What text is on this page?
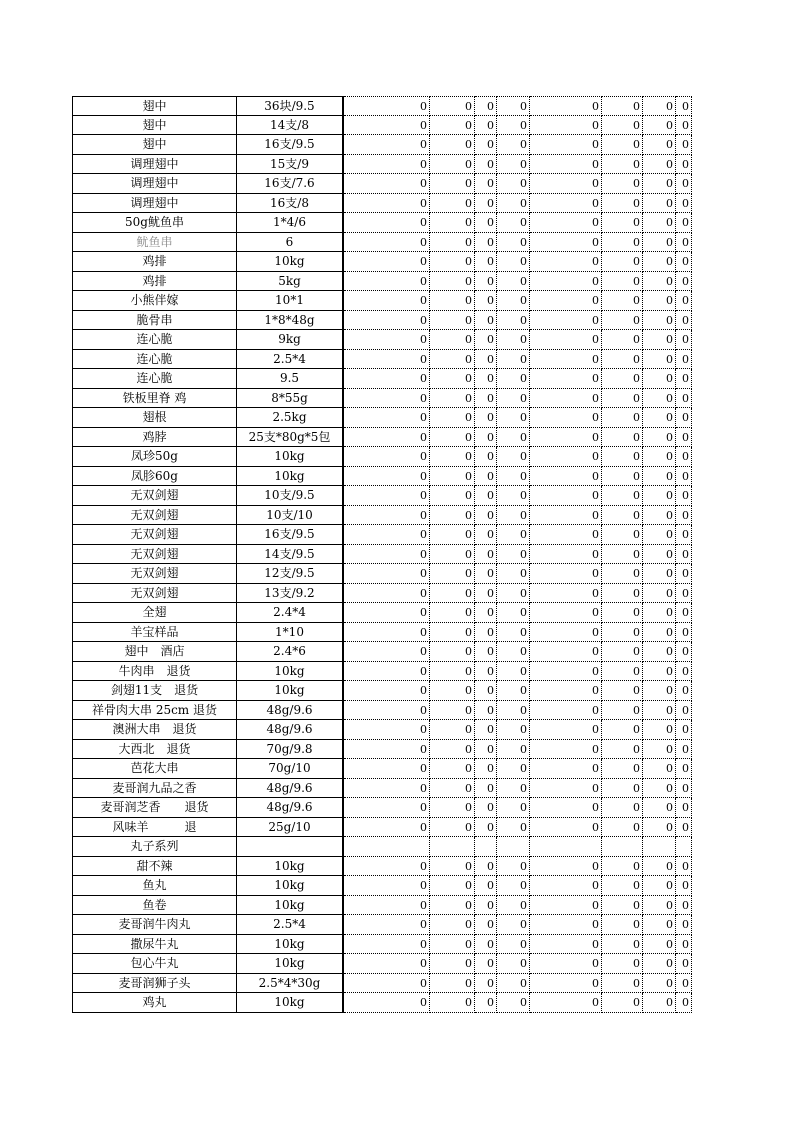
翅中	36块/9.5	0	0	0	0	0	0	0 0
翅中	14支/8	0	0	0	0	0	0	0 0
翅中	16支/9.5	0	0	0	0	0	0	0 0
调理翅中	15支/9	0	0	0	0	0	0	0 0
调理翅中	16支/7.6	0	0	0	0	0	0	0 0
调理翅中	16支/8	0	0	0	0	0	0	0 0
50g鱿鱼串	1*4/6	0	0	0	0	0	0	0 0
鱿鱼串	6	0	0	0	0	0	0	0 0
鸡排	10kg	0	0	0	0	0	0	0 0
鸡排	5kg	0	0	0	0	0	0	0 0
小熊伴嫁	10*1	0	0	0	0	0	0	0 0
脆骨串	1*8*48g	0	0	0	0	0	0	0 0
连心脆	9kg	0	0	0	0	0	0	0 0
连心脆	2.5*4	0	0	0	0	0	0	0 0
连心脆	9.5	0	0	0	0	0	0	0 0
铁板里脊 鸡	8*55g	0	0	0	0	0	0	0 0
翅根	2.5kg	0	0	0	0	0	0	0 0
鸡脖	25支*80g*5包	0	0	0	0	0	0	0 0
凤珍50g	10kg	0	0	0	0	0	0	0 0
凤胗60g	10kg	0	0	0	0	0	0	0 0
无双剑翅	10支/9.5	0	0	0	0	0	0	0 0
无双剑翅	10支/10	0	0	0	0	0	0	0 0
无双剑翅	16支/9.5	0	0	0	0	0	0	0 0
无双剑翅	14支/9.5	0	0	0	0	0	0	0 0
无双剑翅	12支/9.5	0	0	0	0	0	0	0 0
无双剑翅	13支/9.2	0	0	0	0	0	0	0 0
全翅	2.4*4	0	0	0	0	0	0	0 0
羊宝样品	1*10	0	0	0	0	0	0	0 0
翅中　酒店	2.4*6	0	0	0	0	0	0	0 0
牛肉串　退货	10kg	0	0	0	0	0	0	0 0
剑翅11支　退货	10kg	0	0	0	0	0	0	0 0
祥骨肉大串 25cm 退货	48g/9.6	0	0	0	0	0	0	0 0
澳洲大串　退货	48g/9.6	0	0	0	0	0	0	0 0
大西北　退货	70g/9.8	0	0	0	0	0	0	0 0
芭花大串	70g/10	0	0	0	0	0	0	0 0
麦哥润九品之香	48g/9.6	0	0	0	0	0	0	0 0
麦哥润芝香　　退货	48g/9.6	0	0	0	0	0	0	0 0
风味羊　　　退	25g/10	0	0	0	0	0	0	0 0
丸子系列
甜不辣	10kg	0	0	0	0	0	0	0 0
鱼丸	10kg	0	0	0	0	0	0	0 0
鱼卷	10kg	0	0	0	0	0	0	0 0
麦哥润牛肉丸	2.5*4	0	0	0	0	0	0	0 0
撒尿牛丸	10kg	0	0	0	0	0	0	0 0
包心牛丸	10kg	0	0	0	0	0	0	0 0
麦哥润狮子头	2.5*4*30g	0	0	0	0	0	0	0 0
鸡丸	10kg	0	0	0	0	0	0	0 0
